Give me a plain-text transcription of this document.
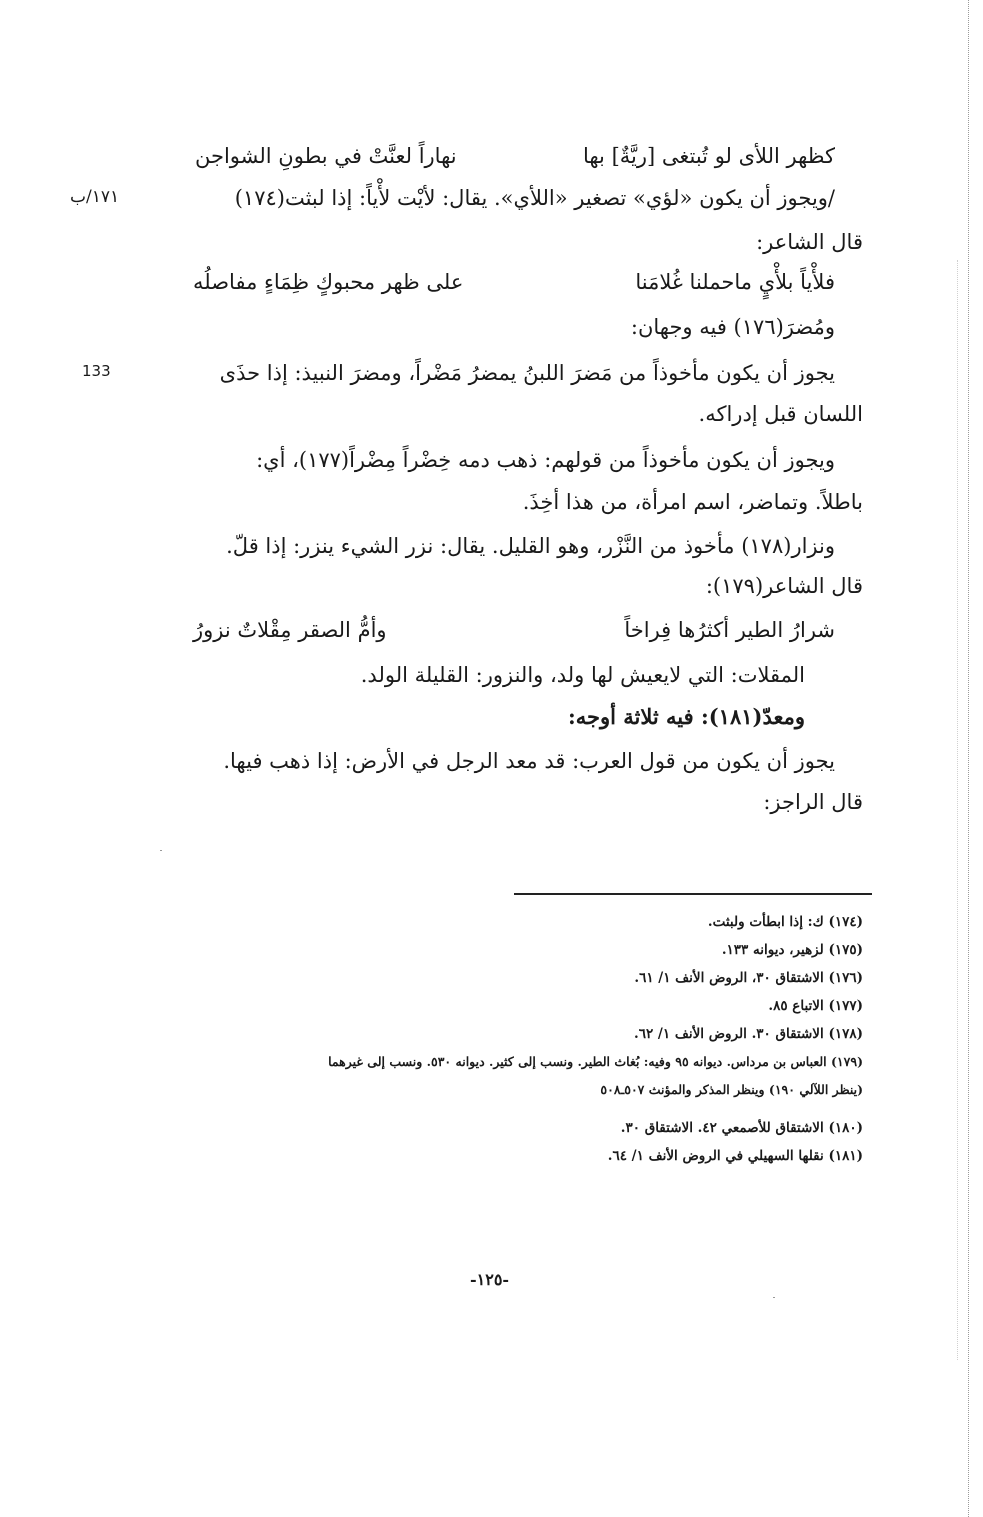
كظهر اللأى لو تُبتغى [ريَّةٌ] بها
نهاراً لعنَّتْ في بطونِ الشواجن
/ويجوز أن يكون «لؤي» تصغير «اللأي». يقال: لأيْت لأْياً: إذا لبثت(١٧٤)
قال الشاعر:
فلأْياً بلأْيٍ ماحملنا غُلامَنا
على ظهر محبوكٍ ظِمَاءٍ مفاصلُه
ومُضرَ(١٧٦) فيه وجهان:
يجوز أن يكون مأخوذاً من مَضرَ اللبنُ يمضرُ مَضْراً، ومضرَ النبيذ: إذا حذَى
اللسان قبل إدراكه.
ويجوز أن يكون مأخوذاً من قولهم: ذهب دمه خِضْراً مِضْراً(١٧٧)، أي:
باطلاً. وتماضر، اسم امرأة، من هذا أخِذَ.
ونزار(١٧٨) مأخوذ من النَّزْر، وهو القليل. يقال: نزر الشيء ينزر: إذا قلّ.
قال الشاعر(١٧٩):
شرارُ الطير أكثرُها فِراخاً
وأمُّ الصقر مِقْلاتٌ نزورُ
المقلات: التي لايعيش لها ولد، والنزور: القليلة الولد.
ومعدّ(١٨١): فيه ثلاثة أوجه:
يجوز أن يكون من قول العرب: قد معد الرجل في الأرض: إذا ذهب فيها.
قال الراجز:
١٧١/ب
133
(١٧٤) ك: إذا ابطأت ولبثت.
(١٧٥) لزهير، ديوانه ١٣٣.
(١٧٦) الاشتقاق ٣٠، الروض الأنف ١/ ٦١.
(١٧٧) الاتباع ٨٥.
(١٧٨) الاشتقاق ٣٠. الروض الأنف ١/ ٦٢.
(١٧٩) العباس بن مرداس. ديوانه ٩٥ وفيه: بُغاث الطير. ونسب إلى كثير. ديوانه ٥٣٠. ونسب إلى غيرهما
(ينظر اللآلي ١٩٠) وينظر المذكر والمؤنث ٥٠٧ـ٥٠٨
(١٨٠) الاشتقاق للأصمعي ٤٢. الاشتقاق ٣٠.
(١٨١) نقلها السهيلي في الروض الأنف ١/ ٦٤.
-١٢٥-
